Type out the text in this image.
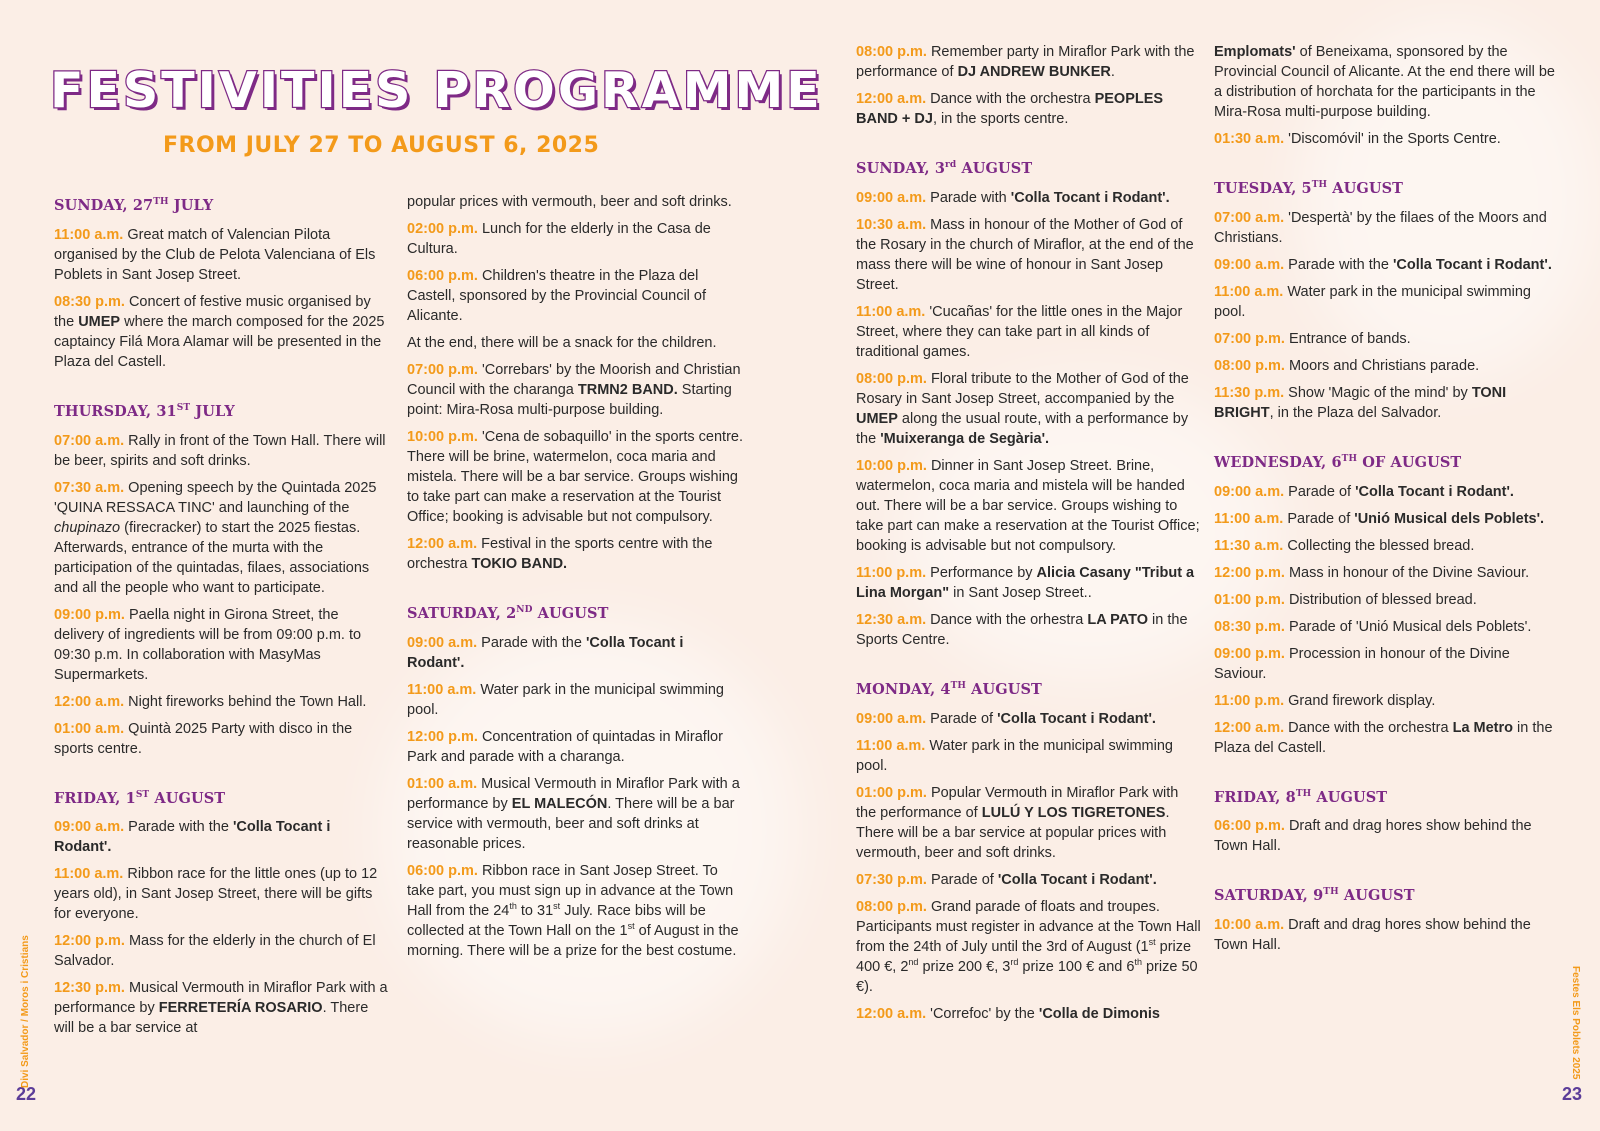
FESTIVITIES PROGRAMME
FROM JULY 27 TO AUGUST 6, 2025
SUNDAY, 27TH JULY

11:00 a.m. Great match of Valencian Pilota organised by the Club de Pelota Valenciana of Els Poblets in Sant Josep Street.

08:30 p.m. Concert of festive music organised by the UMEP where the march composed for the 2025 captaincy Filá Mora Alamar will be presented in the Plaza del Castell.

THURSDAY, 31ST JULY

07:00 a.m. Rally in front of the Town Hall. There will be beer, spirits and soft drinks.

07:30 a.m. Opening speech by the Quintada 2025 'QUINA RESSACA TINC' and launching of the chupinazo (firecracker) to start the 2025 fiestas. Afterwards, entrance of the murta with the participation of the quintadas, filaes, associations and all the people who want to participate.

09:00 p.m. Paella night in Girona Street, the delivery of ingredients will be from 09:00 p.m. to 09:30 p.m. In collaboration with MasyMas Supermarkets.

12:00 a.m. Night fireworks behind the Town Hall.

01:00 a.m. Quintà 2025 Party with disco in the sports centre.

FRIDAY, 1ST AUGUST

09:00 a.m. Parade with the 'Colla Tocant i Rodant'.

11:00 a.m. Ribbon race for the little ones (up to 12 years old), in Sant Josep Street, there will be gifts for everyone.

12:00 p.m. Mass for the elderly in the church of El Salvador.

12:30 p.m. Musical Vermouth in Miraflor Park with a performance by FERRETERÍA ROSARIO. There will be a bar service at

popular prices with vermouth, beer and soft drinks.

02:00 p.m. Lunch for the elderly in the Casa de Cultura.

06:00 p.m. Children's theatre in the Plaza del Castell, sponsored by the Provincial Council of Alicante.

At the end, there will be a snack for the children.

07:00 p.m. 'Correbars' by the Moorish and Christian Council with the charanga TRMN2 BAND. Starting point: Mira-Rosa multi-purpose building.

10:00 p.m. 'Cena de sobaquillo' in the sports centre. There will be brine, watermelon, coca maria and mistela. There will be a bar service. Groups wishing to take part can make a reservation at the Tourist Office; booking is advisable but not compulsory.

12:00 a.m. Festival in the sports centre with the orchestra TOKIO BAND.

SATURDAY, 2ND AUGUST

09:00 a.m. Parade with the 'Colla Tocant i Rodant'.

11:00 a.m. Water park in the municipal swimming pool.

12:00 p.m. Concentration of quintadas in Miraflor Park and parade with a charanga.

01:00 a.m. Musical Vermouth in Miraflor Park with a performance by EL MALECÓN. There will be a bar service with vermouth, beer and soft drinks at reasonable prices.

06:00 p.m. Ribbon race in Sant Josep Street. To take part, you must sign up in advance at the Town Hall from the 24th to 31st July. Race bibs will be collected at the Town Hall on the 1st of August in the morning. There will be a prize for the best costume.

08:00 p.m. Remember party in Miraflor Park with the performance of DJ ANDREW BUNKER.

12:00 a.m. Dance with the orchestra PEOPLES BAND + DJ, in the sports centre.

SUNDAY, 3rd AUGUST

09:00 a.m. Parade with 'Colla Tocant i Rodant'.

10:30 a.m. Mass in honour of the Mother of God of the Rosary in the church of Miraflor, at the end of the mass there will be wine of honour in Sant Josep Street.

11:00 a.m. 'Cucañas' for the little ones in the Major Street, where they can take part in all kinds of traditional games.

08:00 p.m. Floral tribute to the Mother of God of the Rosary in Sant Josep Street, accompanied by the UMEP along the usual route, with a performance by the 'Muixeranga de Segària'.

10:00 p.m. Dinner in Sant Josep Street. Brine, watermelon, coca maria and mistela will be handed out. There will be a bar service. Groups wishing to take part can make a reservation at the Tourist Office; booking is advisable but not compulsory.

11:00 p.m. Performance by Alicia Casany "Tribut a Lina Morgan" in Sant Josep Street..

12:30 a.m. Dance with the orhestra LA PATO in the Sports Centre.

MONDAY, 4TH AUGUST

09:00 a.m. Parade of 'Colla Tocant i Rodant'.

11:00 a.m. Water park in the municipal swimming pool.

01:00 p.m. Popular Vermouth in Miraflor Park with the performance of LULÚ Y LOS TIGRETONES. There will be a bar service at popular prices with vermouth, beer and soft drinks.

07:30 p.m. Parade of 'Colla Tocant i Rodant'.

08:00 p.m. Grand parade of floats and troupes. Participants must register in advance at the Town Hall from the 24th of July until the 3rd of August (1st prize 400 €, 2nd prize 200 €, 3rd prize 100 € and 6th prize 50 €).

12:00 a.m. 'Correfoc' by the 'Colla de Dimonis

Emplomats' of Beneixama, sponsored by the Provincial Council of Alicante. At the end there will be a distribution of horchata for the participants in the Mira-Rosa multi-purpose building.

01:30 a.m. 'Discomóvil' in the Sports Centre.

TUESDAY, 5TH AUGUST

07:00 a.m. 'Despertà' by the filaes of the Moors and Christians.

09:00 a.m. Parade with the 'Colla Tocant i Rodant'.

11:00 a.m. Water park in the municipal swimming pool.

07:00 p.m. Entrance of bands.

08:00 p.m. Moors and Christians parade.

11:30 p.m. Show 'Magic of the mind' by TONI BRIGHT, in the Plaza del Salvador.

WEDNESDAY, 6TH OF AUGUST

09:00 a.m. Parade of 'Colla Tocant i Rodant'.

11:00 a.m. Parade of 'Unió Musical dels Poblets'.

11:30 a.m. Collecting the blessed bread.

12:00 p.m. Mass in honour of the Divine Saviour.

01:00 p.m. Distribution of blessed bread.

08:30 p.m. Parade of 'Unió Musical dels Poblets'.

09:00 p.m. Procession in honour of the Divine Saviour.

11:00 p.m. Grand firework display.

12:00 a.m. Dance with the orchestra La Metro in the Plaza del Castell.

FRIDAY, 8TH AUGUST

06:00 p.m. Draft and drag hores show behind the Town Hall.

SATURDAY, 9TH AUGUST

10:00 a.m. Draft and drag hores show behind the Town Hall.

22	23
Divi Salvador / Moros i Cristians	Festes Els Poblets 2025
